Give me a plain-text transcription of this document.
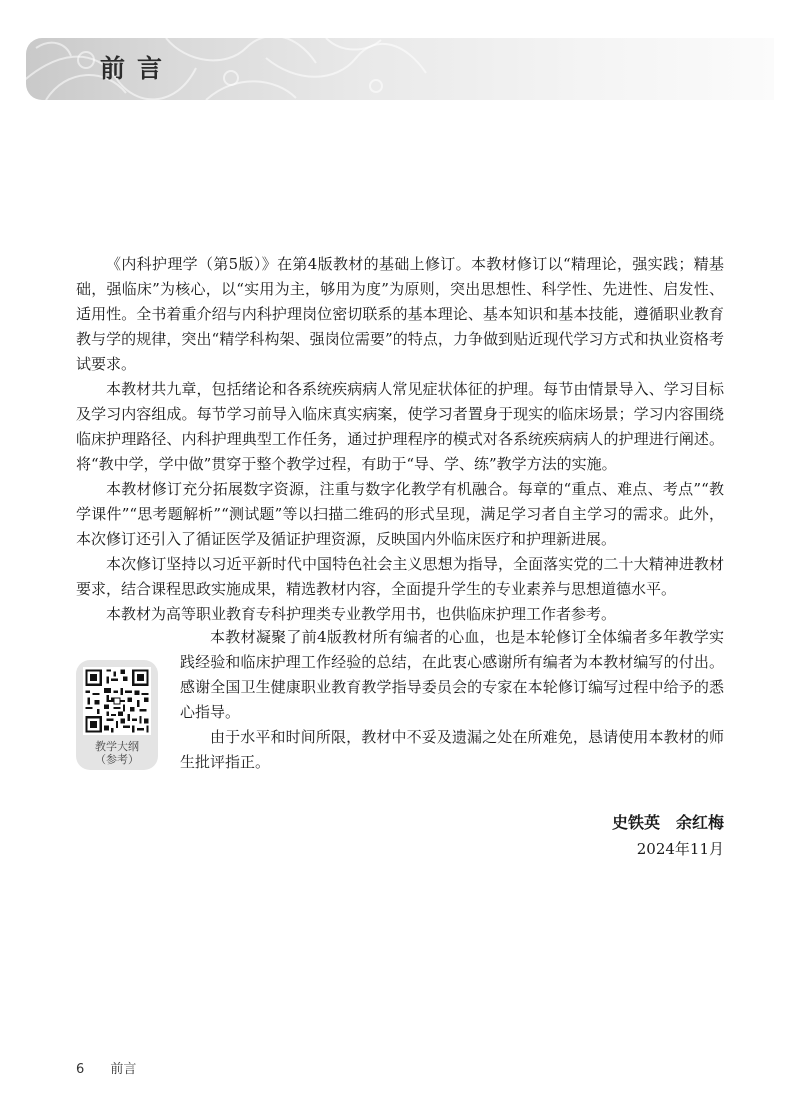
前言

《内科护理学（第5版）》在第4版教材的基础上修订。本教材修订以“精理论，强实践；精基础，强临床”为核心，以“实用为主，够用为度”为原则，突出思想性、科学性、先进性、启发性、适用性。全书着重介绍与内科护理岗位密切联系的基本理论、基本知识和基本技能，遵循职业教育教与学的规律，突出“精学科构架、强岗位需要”的特点，力争做到贴近现代学习方式和执业资格考试要求。

本教材共九章，包括绪论和各系统疾病病人常见症状体征的护理。每节由情景导入、学习目标及学习内容组成。每节学习前导入临床真实病案，使学习者置身于现实的临床场景；学习内容围绕临床护理路径、内科护理典型工作任务，通过护理程序的模式对各系统疾病病人的护理进行阐述。将“教中学，学中做”贯穿于整个教学过程，有助于“导、学、练”教学方法的实施。

本教材修订充分拓展数字资源，注重与数字化教学有机融合。每章的“重点、难点、考点”“教学课件”“思考题解析”“测试题”等以扫描二维码的形式呈现，满足学习者自主学习的需求。此外，本次修订还引入了循证医学及循证护理资源，反映国内外临床医疗和护理新进展。

本次修订坚持以习近平新时代中国特色社会主义思想为指导，全面落实党的二十大精神进教材要求，结合课程思政实施成果，精选教材内容，全面提升学生的专业素养与思想道德水平。

本教材为高等职业教育专科护理类专业教学用书，也供临床护理工作者参考。

教学大纲
（参考）

本教材凝聚了前4版教材所有编者的心血，也是本轮修订全体编者多年教学实践经验和临床护理工作经验的总结，在此衷心感谢所有编者为本教材编写的付出。感谢全国卫生健康职业教育教学指导委员会的专家在本轮修订编写过程中给予的悉心指导。

由于水平和时间所限，教材中不妥及遗漏之处在所难免，恳请使用本教材的师生批评指正。

史铁英　余红梅
2024年11月
6 前言
